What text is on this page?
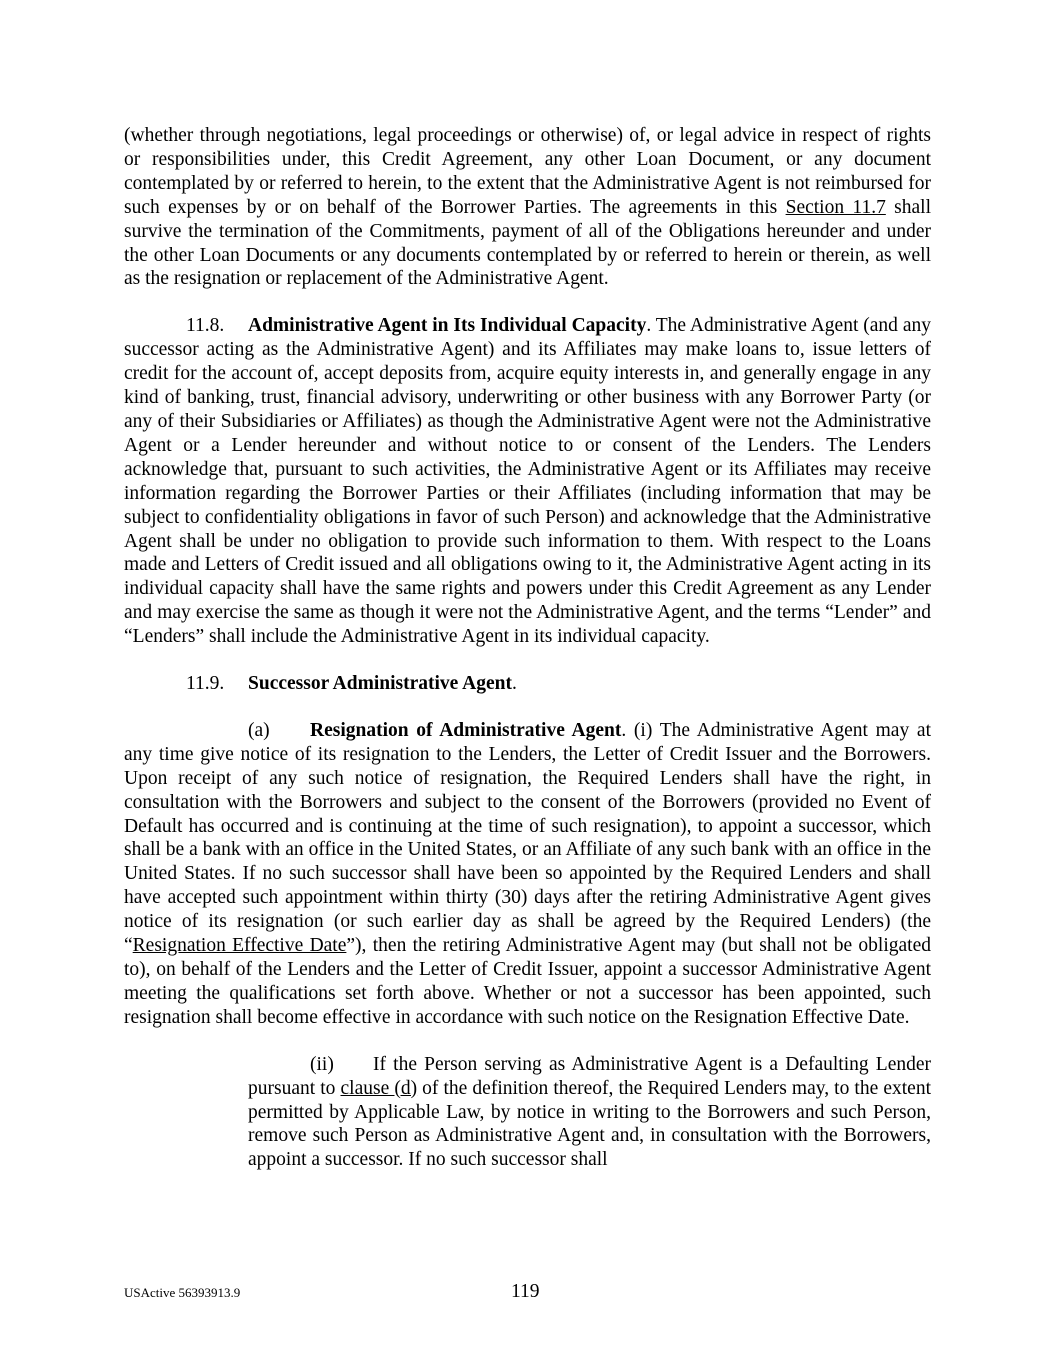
(whether through negotiations, legal proceedings or otherwise) of, or legal advice in respect of rights or responsibilities under, this Credit Agreement, any other Loan Document, or any document contemplated by or referred to herein, to the extent that the Administrative Agent is not reimbursed for such expenses by or on behalf of the Borrower Parties. The agreements in this Section 11.7 shall survive the termination of the Commitments, payment of all of the Obligations hereunder and under the other Loan Documents or any documents contemplated by or referred to herein or therein, as well as the resignation or replacement of the Administrative Agent.

11.8. Administrative Agent in Its Individual Capacity. The Administrative Agent (and any successor acting as the Administrative Agent) and its Affiliates may make loans to, issue letters of credit for the account of, accept deposits from, acquire equity interests in, and generally engage in any kind of banking, trust, financial advisory, underwriting or other business with any Borrower Party (or any of their Subsidiaries or Affiliates) as though the Administrative Agent were not the Administrative Agent or a Lender hereunder and without notice to or consent of the Lenders. The Lenders acknowledge that, pursuant to such activities, the Administrative Agent or its Affiliates may receive information regarding the Borrower Parties or their Affiliates (including information that may be subject to confidentiality obligations in favor of such Person) and acknowledge that the Administrative Agent shall be under no obligation to provide such information to them. With respect to the Loans made and Letters of Credit issued and all obligations owing to it, the Administrative Agent acting in its individual capacity shall have the same rights and powers under this Credit Agreement as any Lender and may exercise the same as though it were not the Administrative Agent, and the terms “Lender” and “Lenders” shall include the Administrative Agent in its individual capacity.

11.9. Successor Administrative Agent.

(a) Resignation of Administrative Agent. (i) The Administrative Agent may at any time give notice of its resignation to the Lenders, the Letter of Credit Issuer and the Borrowers. Upon receipt of any such notice of resignation, the Required Lenders shall have the right, in consultation with the Borrowers and subject to the consent of the Borrowers (provided no Event of Default has occurred and is continuing at the time of such resignation), to appoint a successor, which shall be a bank with an office in the United States, or an Affiliate of any such bank with an office in the United States. If no such successor shall have been so appointed by the Required Lenders and shall have accepted such appointment within thirty (30) days after the retiring Administrative Agent gives notice of its resignation (or such earlier day as shall be agreed by the Required Lenders) (the “Resignation Effective Date”), then the retiring Administrative Agent may (but shall not be obligated to), on behalf of the Lenders and the Letter of Credit Issuer, appoint a successor Administrative Agent meeting the qualifications set forth above. Whether or not a successor has been appointed, such resignation shall become effective in accordance with such notice on the Resignation Effective Date.

(ii) If the Person serving as Administrative Agent is a Defaulting Lender pursuant to clause (d) of the definition thereof, the Required Lenders may, to the extent permitted by Applicable Law, by notice in writing to the Borrowers and such Person, remove such Person as Administrative Agent and, in consultation with the Borrowers, appoint a successor. If no such successor shall

USActive 56393913.9	119
